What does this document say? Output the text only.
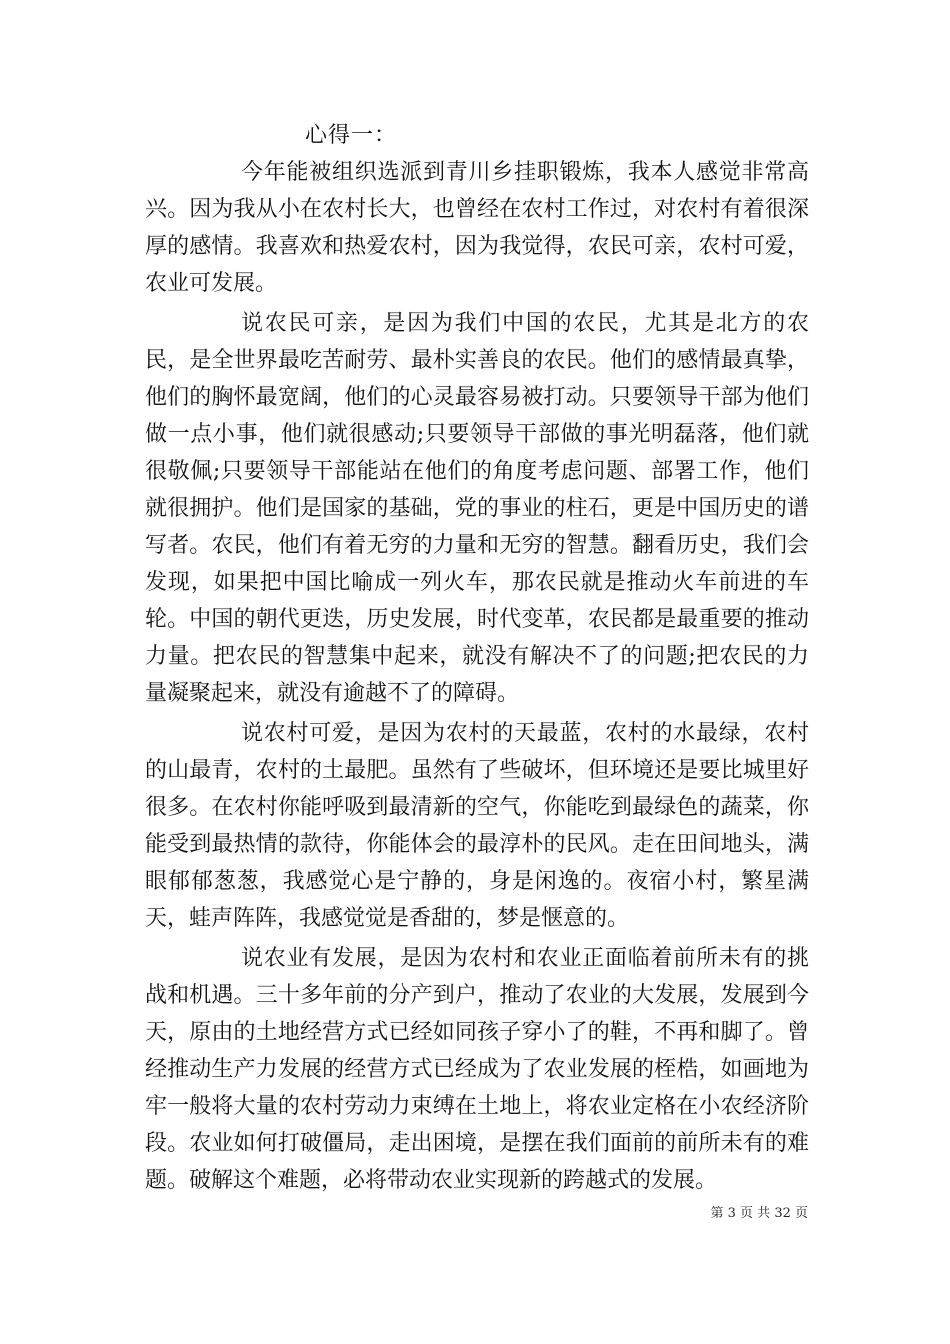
心得一：

今年能被组织选派到青川乡挂职锻炼，我本人感觉非常高兴。因为我从小在农村长大，也曾经在农村工作过，对农村有着很深厚的感情。我喜欢和热爱农村，因为我觉得，农民可亲，农村可爱，农业可发展。

说农民可亲，是因为我们中国的农民，尤其是北方的农民，是全世界最吃苦耐劳、最朴实善良的农民。他们的感情最真挚，他们的胸怀最宽阔，他们的心灵最容易被打动。只要领导干部为他们做一点小事，他们就很感动;只要领导干部做的事光明磊落，他们就很敬佩;只要领导干部能站在他们的角度考虑问题、部署工作，他们就很拥护。他们是国家的基础，党的事业的柱石，更是中国历史的谱写者。农民，他们有着无穷的力量和无穷的智慧。翻看历史，我们会发现，如果把中国比喻成一列火车，那农民就是推动火车前进的车轮。中国的朝代更迭，历史发展，时代变革，农民都是最重要的推动力量。把农民的智慧集中起来，就没有解决不了的问题;把农民的力量凝聚起来，就没有逾越不了的障碍。

说农村可爱，是因为农村的天最蓝，农村的水最绿，农村的山最青，农村的土最肥。虽然有了些破坏，但环境还是要比城里好很多。在农村你能呼吸到最清新的空气，你能吃到最绿色的蔬菜，你能受到最热情的款待，你能体会的最淳朴的民风。走在田间地头，满眼郁郁葱葱，我感觉心是宁静的，身是闲逸的。夜宿小村，繁星满天，蛙声阵阵，我感觉觉是香甜的，梦是惬意的。

说农业有发展，是因为农村和农业正面临着前所未有的挑战和机遇。三十多年前的分产到户，推动了农业的大发展，发展到今天，原由的土地经营方式已经如同孩子穿小了的鞋，不再和脚了。曾经推动生产力发展的经营方式已经成为了农业发展的桎梏，如画地为牢一般将大量的农村劳动力束缚在土地上，将农业定格在小农经济阶段。农业如何打破僵局，走出困境，是摆在我们面前的前所未有的难题。破解这个难题，必将带动农业实现新的跨越式的发展。

第 3 页 共 32 页
